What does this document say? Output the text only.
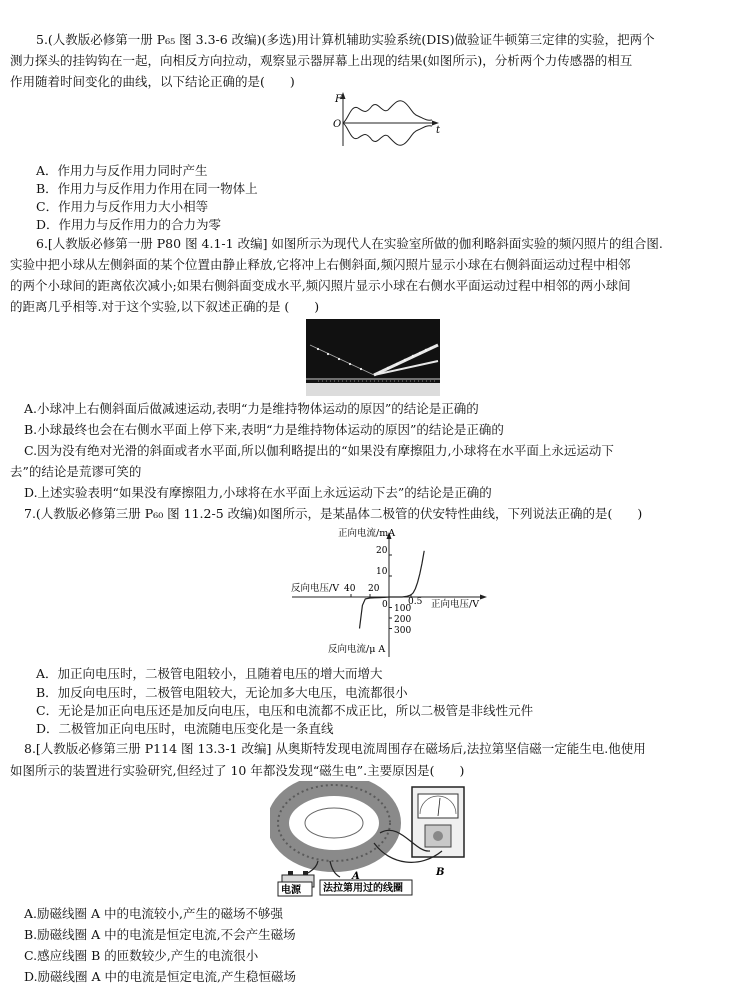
5.(人教版必修第一册 P₆₅ 图 3.3-6 改编)(多选)用计算机辅助实验系统(DIS)做验证牛顿第三定律的实验，把两个
测力探头的挂钩钩在一起，向相反方向拉动，观察显示器屏幕上出现的结果(如图所示)，分析两个力传感器的相互
作用随着时间变化的曲线，以下结论正确的是(　　)
F
O
t
A．作用力与反作用力同时产生
B．作用力与反作用力作用在同一物体上
C．作用力与反作用力大小相等
D．作用力与反作用力的合力为零
6.[人教版必修第一册 P80 图 4.1-1 改编] 如图所示为现代人在实验室所做的伽利略斜面实验的频闪照片的组合图.
实验中把小球从左侧斜面的某个位置由静止释放,它将冲上右侧斜面,频闪照片显示小球在右侧斜面运动过程中相邻
的两个小球间的距离依次减小;如果右侧斜面变成水平,频闪照片显示小球在右侧水平面运动过程中相邻的两小球间
的距离几乎相等.对于这个实验,以下叙述正确的是 (　　)
A.小球冲上右侧斜面后做减速运动,表明“力是维持物体运动的原因”的结论是正确的
B.小球最终也会在右侧水平面上停下来,表明“力是维持物体运动的原因”的结论是正确的
C.因为没有绝对光滑的斜面或者水平面,所以伽利略提出的“如果没有摩擦阻力,小球将在水平面上永远运动下
去”的结论是荒谬可笑的
D.上述实验表明“如果没有摩擦阻力,小球将在水平面上永远运动下去”的结论是正确的
7.(人教版必修第三册 P₆₀ 图 11.2-5 改编)如图所示，是某晶体二极管的伏安特性曲线，下列说法正确的是(　　)
正向电流/mA
反向电压/V
正向电压/V
反向电流/μ A
20
10
40 20
0 0.5
100
200
300
A．加正向电压时，二极管电阻较小，且随着电压的增大而增大
B．加反向电压时，二极管电阻较大，无论加多大电压，电流都很小
C．无论是加正向电压还是加反向电压，电压和电流都不成正比，所以二极管是非线性元件
D．二极管加正向电压时，电流随电压变化是一条直线
8.[人教版必修第三册 P114 图 13.3-1 改编] 从奥斯特发现电流周围存在磁场后,法拉第坚信磁一定能生电.他使用
如图所示的装置进行实验研究,但经过了 10 年都没发现“磁生电”.主要原因是(　　)
电源 法拉第用过的线圈
A	B
A.励磁线圈 A 中的电流较小,产生的磁场不够强
B.励磁线圈 A 中的电流是恒定电流,不会产生磁场
C.感应线圈 B 的匝数较少,产生的电流很小
D.励磁线圈 A 中的电流是恒定电流,产生稳恒磁场
